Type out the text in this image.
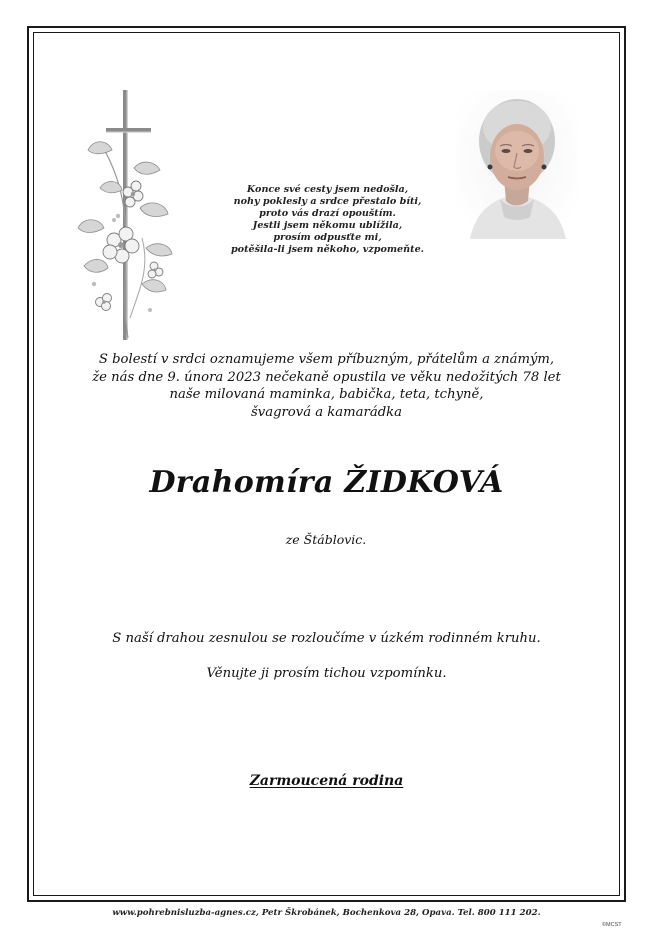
Konce své cesty jsem nedošla,
nohy poklesly a srdce přestalo bíti,
proto vás drazí opouštím.
Jestli jsem někomu ublížila,
prosím odpusťte mi,
potěšila-li jsem někoho, vzpomeňte.
S bolestí v srdci oznamujeme všem příbuzným, přátelům a známým,
že nás dne 9. února 2023 nečekaně opustila ve věku nedožitých 78 let
naše milovaná maminka, babička, teta, tchyně,
švagrová a kamarádka
Drahomíra ŽIDKOVÁ
ze Štáblovic.
S naší drahou zesnulou se rozloučíme v úzkém rodinném kruhu.
Věnujte ji prosím tichou vzpomínku.
Zarmoucená rodina
www.pohrebnisluzba-agnes.cz, Petr Škrobánek, Bochenkova 28, Opava. Tel. 800 111 202.
©MCST
